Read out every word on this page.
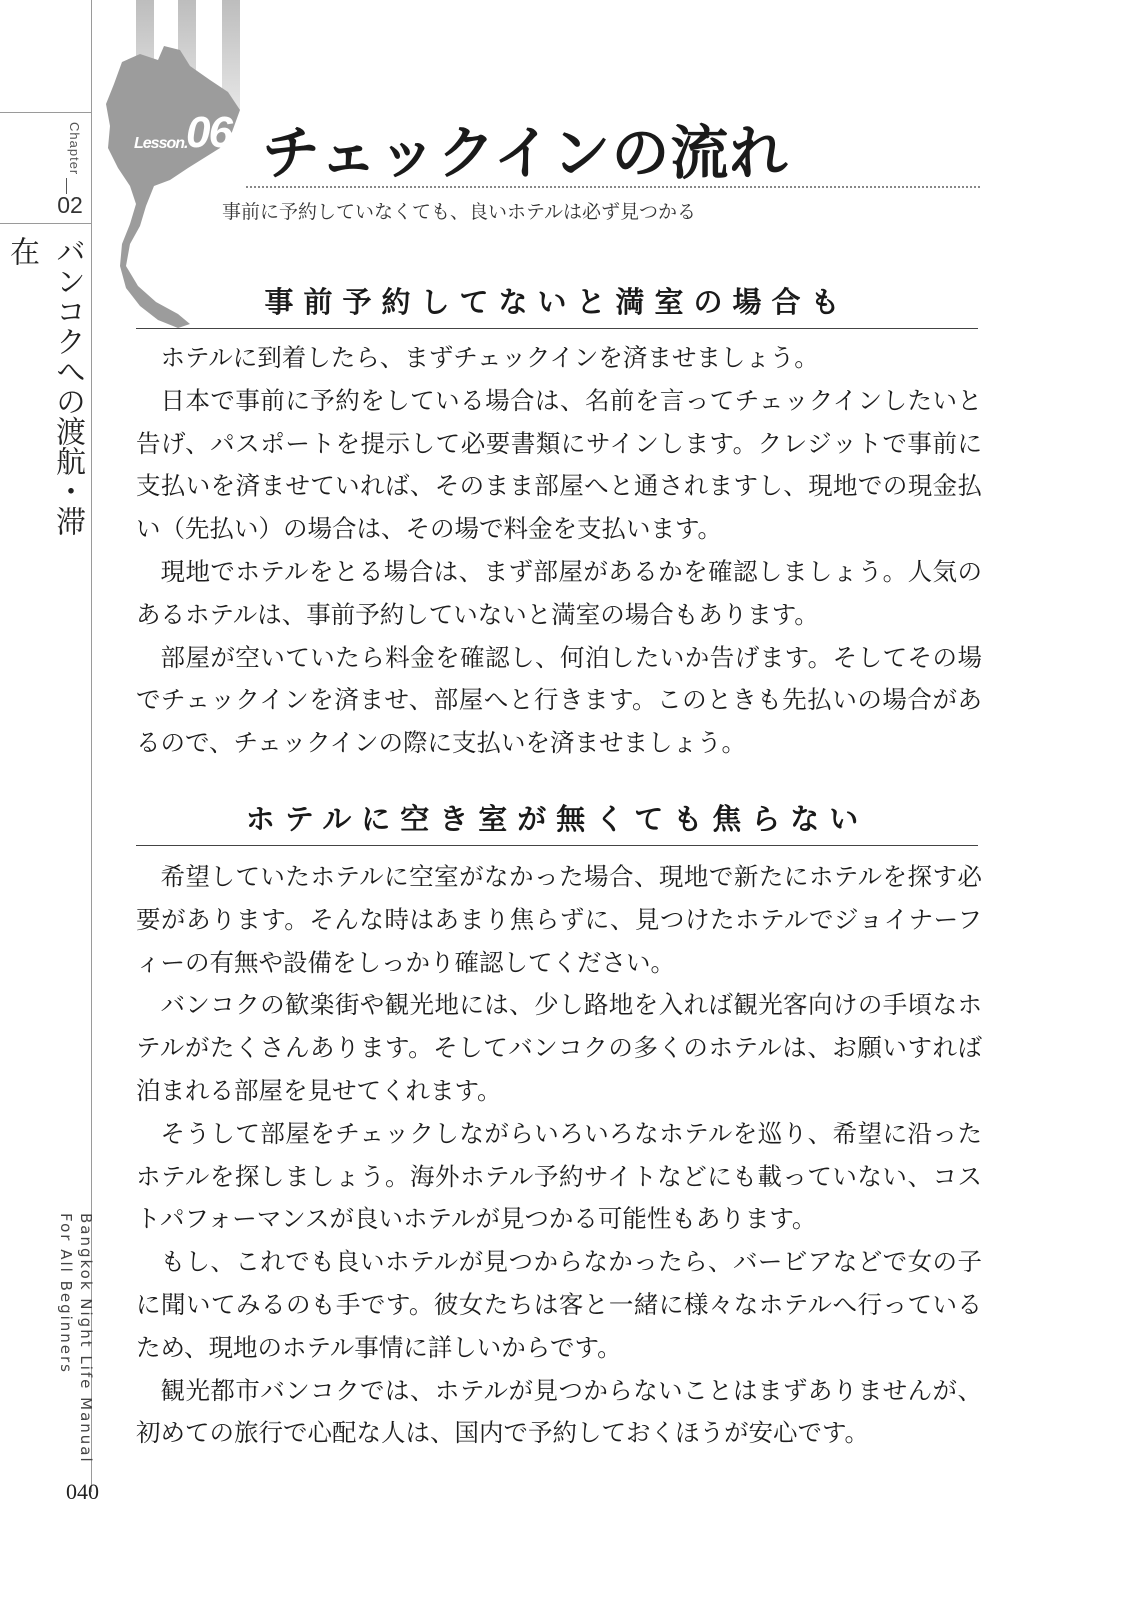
Lesson.
06 チェックインの流れ
事前に予約していなくても、良いホテルは必ず見つかる
Chapter
02
バンコクへの渡航・滞在
Bangkok Night Life Manual For All Beginners
事前予約してないと満室の場合も

ホテルに到着したら、まずチェックインを済ませましょう。

日本で事前に予約をしている場合は、名前を言ってチェックインしたいと告げ、パスポートを提示して必要書類にサインします。クレジットで事前に支払いを済ませていれば、そのまま部屋へと通されますし、現地での現金払い（先払い）の場合は、その場で料金を支払います。

現地でホテルをとる場合は、まず部屋があるかを確認しましょう。人気のあるホテルは、事前予約していないと満室の場合もあります。

部屋が空いていたら料金を確認し、何泊したいか告げます。そしてその場でチェックインを済ませ、部屋へと行きます。このときも先払いの場合があるので、チェックインの際に支払いを済ませましょう。

ホテルに空き室が無くても焦らない

希望していたホテルに空室がなかった場合、現地で新たにホテルを探す必要があります。そんな時はあまり焦らずに、見つけたホテルでジョイナーフィーの有無や設備をしっかり確認してください。

バンコクの歓楽街や観光地には、少し路地を入れば観光客向けの手頃なホテルがたくさんあります。そしてバンコクの多くのホテルは、お願いすれば泊まれる部屋を見せてくれます。

そうして部屋をチェックしながらいろいろなホテルを巡り、希望に沿ったホテルを探しましょう。海外ホテル予約サイトなどにも載っていない、コストパフォーマンスが良いホテルが見つかる可能性もあります。

もし、これでも良いホテルが見つからなかったら、バービアなどで女の子に聞いてみるのも手です。彼女たちは客と一緒に様々なホテルへ行っているため、現地のホテル事情に詳しいからです。

観光都市バンコクでは、ホテルが見つからないことはまずありませんが、初めての旅行で心配な人は、国内で予約しておくほうが安心です。

040
